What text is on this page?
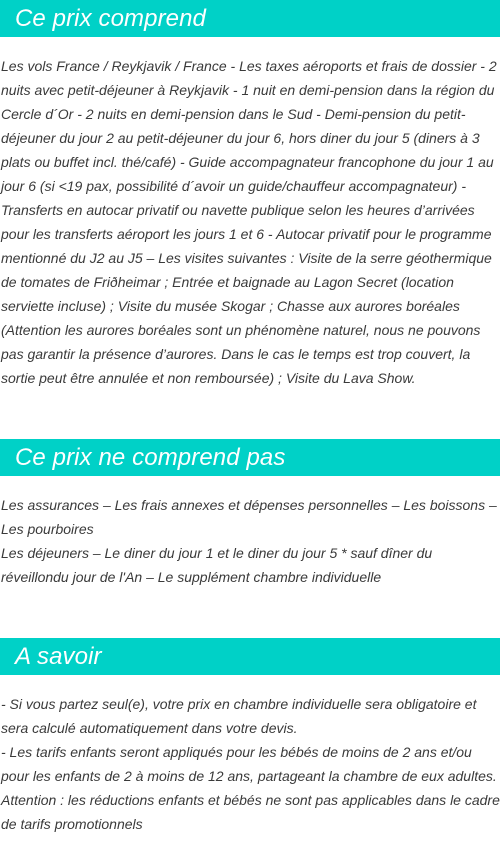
Ce prix comprend

Les vols France / Reykjavik / France - Les taxes aéroports et frais de dossier - 2 nuits avec petit-déjeuner à Reykjavik - 1 nuit en demi-pension dans la région du Cercle d´Or - 2 nuits en demi-pension dans le Sud - Demi-pension du petit-déjeuner du jour 2 au petit-déjeuner du jour 6, hors diner du jour 5 (diners à 3 plats ou buffet incl. thé/café) - Guide accompagnateur francophone du jour 1 au jour 6 (si <19 pax, possibilité d´avoir un guide/chauffeur accompagnateur) - Transferts en autocar privatif ou navette publique selon les heures d’arrivées pour les transferts aéroport les jours 1 et 6 - Autocar privatif pour le programme mentionné du J2 au J5 – Les visites suivantes : Visite de la serre géothermique de tomates de Friðheimar ; Entrée et baignade au Lagon Secret (location serviette incluse) ; Visite du musée Skogar ; Chasse aux aurores boréales (Attention les aurores boréales sont un phénomène naturel, nous ne pouvons pas garantir la présence d’aurores. Dans le cas le temps est trop couvert, la sortie peut être annulée et non remboursée) ; Visite du Lava Show.

Ce prix ne comprend pas

Les assurances – Les frais annexes et dépenses personnelles – Les boissons – Les pourboires

Les déjeuners – Le diner du jour 1 et le diner du jour 5 * sauf dîner du réveillondu jour de l'An – Le supplément chambre individuelle

A savoir

- Si vous partez seul(e), votre prix en chambre individuelle sera obligatoire et sera calculé automatiquement dans votre devis.

- Les tarifs enfants seront appliqués pour les bébés de moins de 2 ans et/ou pour les enfants de 2 à moins de 12 ans, partageant la chambre de eux adultes.

Attention : les réductions enfants et bébés ne sont pas applicables dans le cadre de tarifs promotionnels
